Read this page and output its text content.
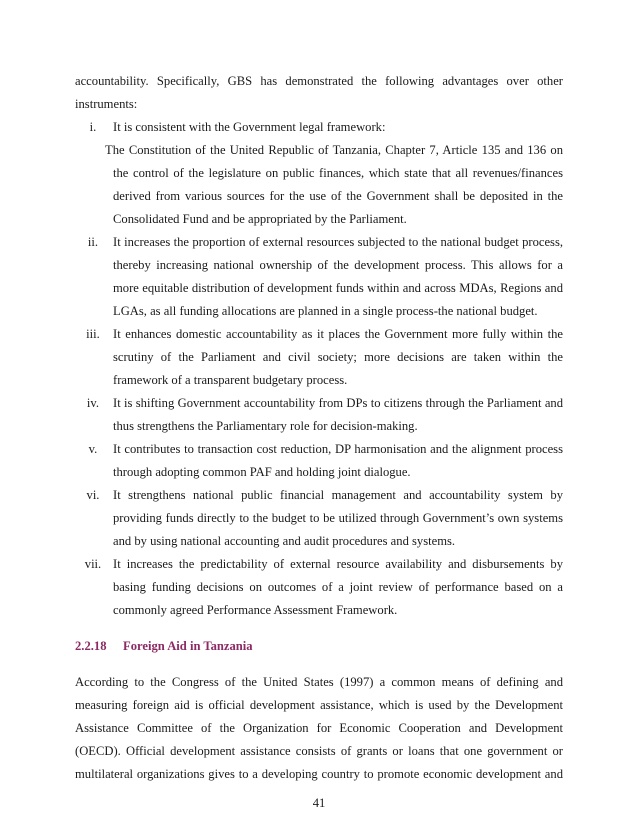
accountability. Specifically, GBS has demonstrated the following advantages over other
instruments:
i.	It is consistent with the Government legal framework:
The Constitution of the United Republic of Tanzania, Chapter 7, Article 135 and 136 on
the control of the legislature on public finances, which state that all revenues/finances
derived from various sources for the use of the Government shall be deposited in the
Consolidated Fund and be appropriated by the Parliament.
ii.	It increases the proportion of external resources subjected to the national budget process,
thereby increasing national ownership of the development process. This allows for a
more equitable distribution of development funds within and across MDAs, Regions and
LGAs, as all funding allocations are planned in a single process-the national budget.
iii.	It enhances domestic accountability as it places the Government more fully within the
scrutiny of the Parliament and civil society; more decisions are taken within the
framework of a transparent budgetary process.
iv.	It is shifting Government accountability from DPs to citizens through the Parliament and
thus strengthens the Parliamentary role for decision-making.
v.	It contributes to transaction cost reduction, DP harmonisation and the alignment process
through adopting common PAF and holding joint dialogue.
vi.	It strengthens national public financial management and accountability system by
providing funds directly to the budget to be utilized through Government’s own systems
and by using national accounting and audit procedures and systems.
vii. It increases the predictability of external resource availability and disbursements by
basing funding decisions on outcomes of a joint review of performance based on a
commonly agreed Performance Assessment Framework.
2.2.18 Foreign Aid in Tanzania
According to the Congress of the United States (1997) a common means of defining and
measuring foreign aid is official development assistance, which is used by the Development
Assistance Committee of the Organization for Economic Cooperation and Development
(OECD). Official development assistance consists of grants or loans that one government or
multilateral organizations gives to a developing country to promote economic development and
41
